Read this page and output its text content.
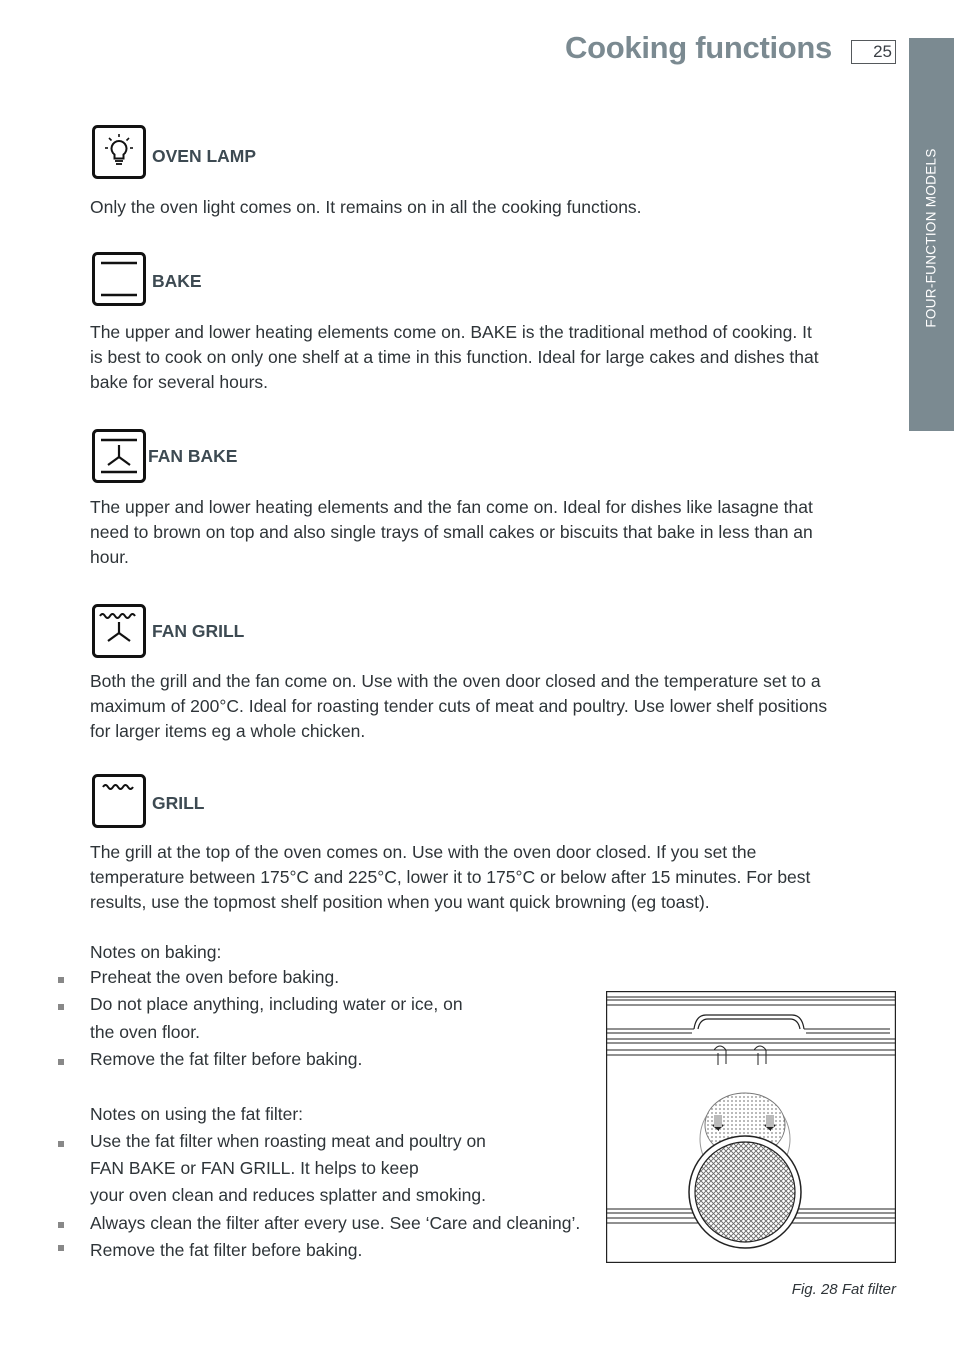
Cooking functions	25
FOUR-FUNCTION MODELS
OVEN LAMP
Only the oven light comes on. It remains on in all the cooking functions.
BAKE
The upper and lower heating elements come on. BAKE is the traditional method of cooking. It
is best to cook on only one shelf at a time in this function. Ideal for large cakes and dishes that
bake for several hours.
FAN BAKE
The upper and lower heating elements and the fan come on. Ideal for dishes like lasagne that
need to brown on top and also single trays of small cakes or biscuits that bake in less than an
hour.
FAN GRILL
Both the grill and the fan come on. Use with the oven door closed and the temperature set to a
maximum of 200°C. Ideal for roasting tender cuts of meat and poultry. Use lower shelf positions
for larger items eg a whole chicken.
GRILL
The grill at the top of the oven comes on. Use with the oven door closed. If you set the
temperature between 175°C and 225°C, lower it to 175°C or below after 15 minutes. For best
results, use the topmost shelf position when you want quick browning (eg toast).
Notes on baking:
Preheat the oven before baking.
Do not place anything, including water or ice, on
the oven floor.
Remove the fat filter before baking.
Notes on using the fat filter:
Use the fat filter when roasting meat and poultry on
FAN BAKE or FAN GRILL. It helps to keep
your oven clean and reduces splatter and smoking.
Always clean the filter after every use. See ‘Care and cleaning’.
Remove the fat filter before baking.
Fig. 28 Fat filter
